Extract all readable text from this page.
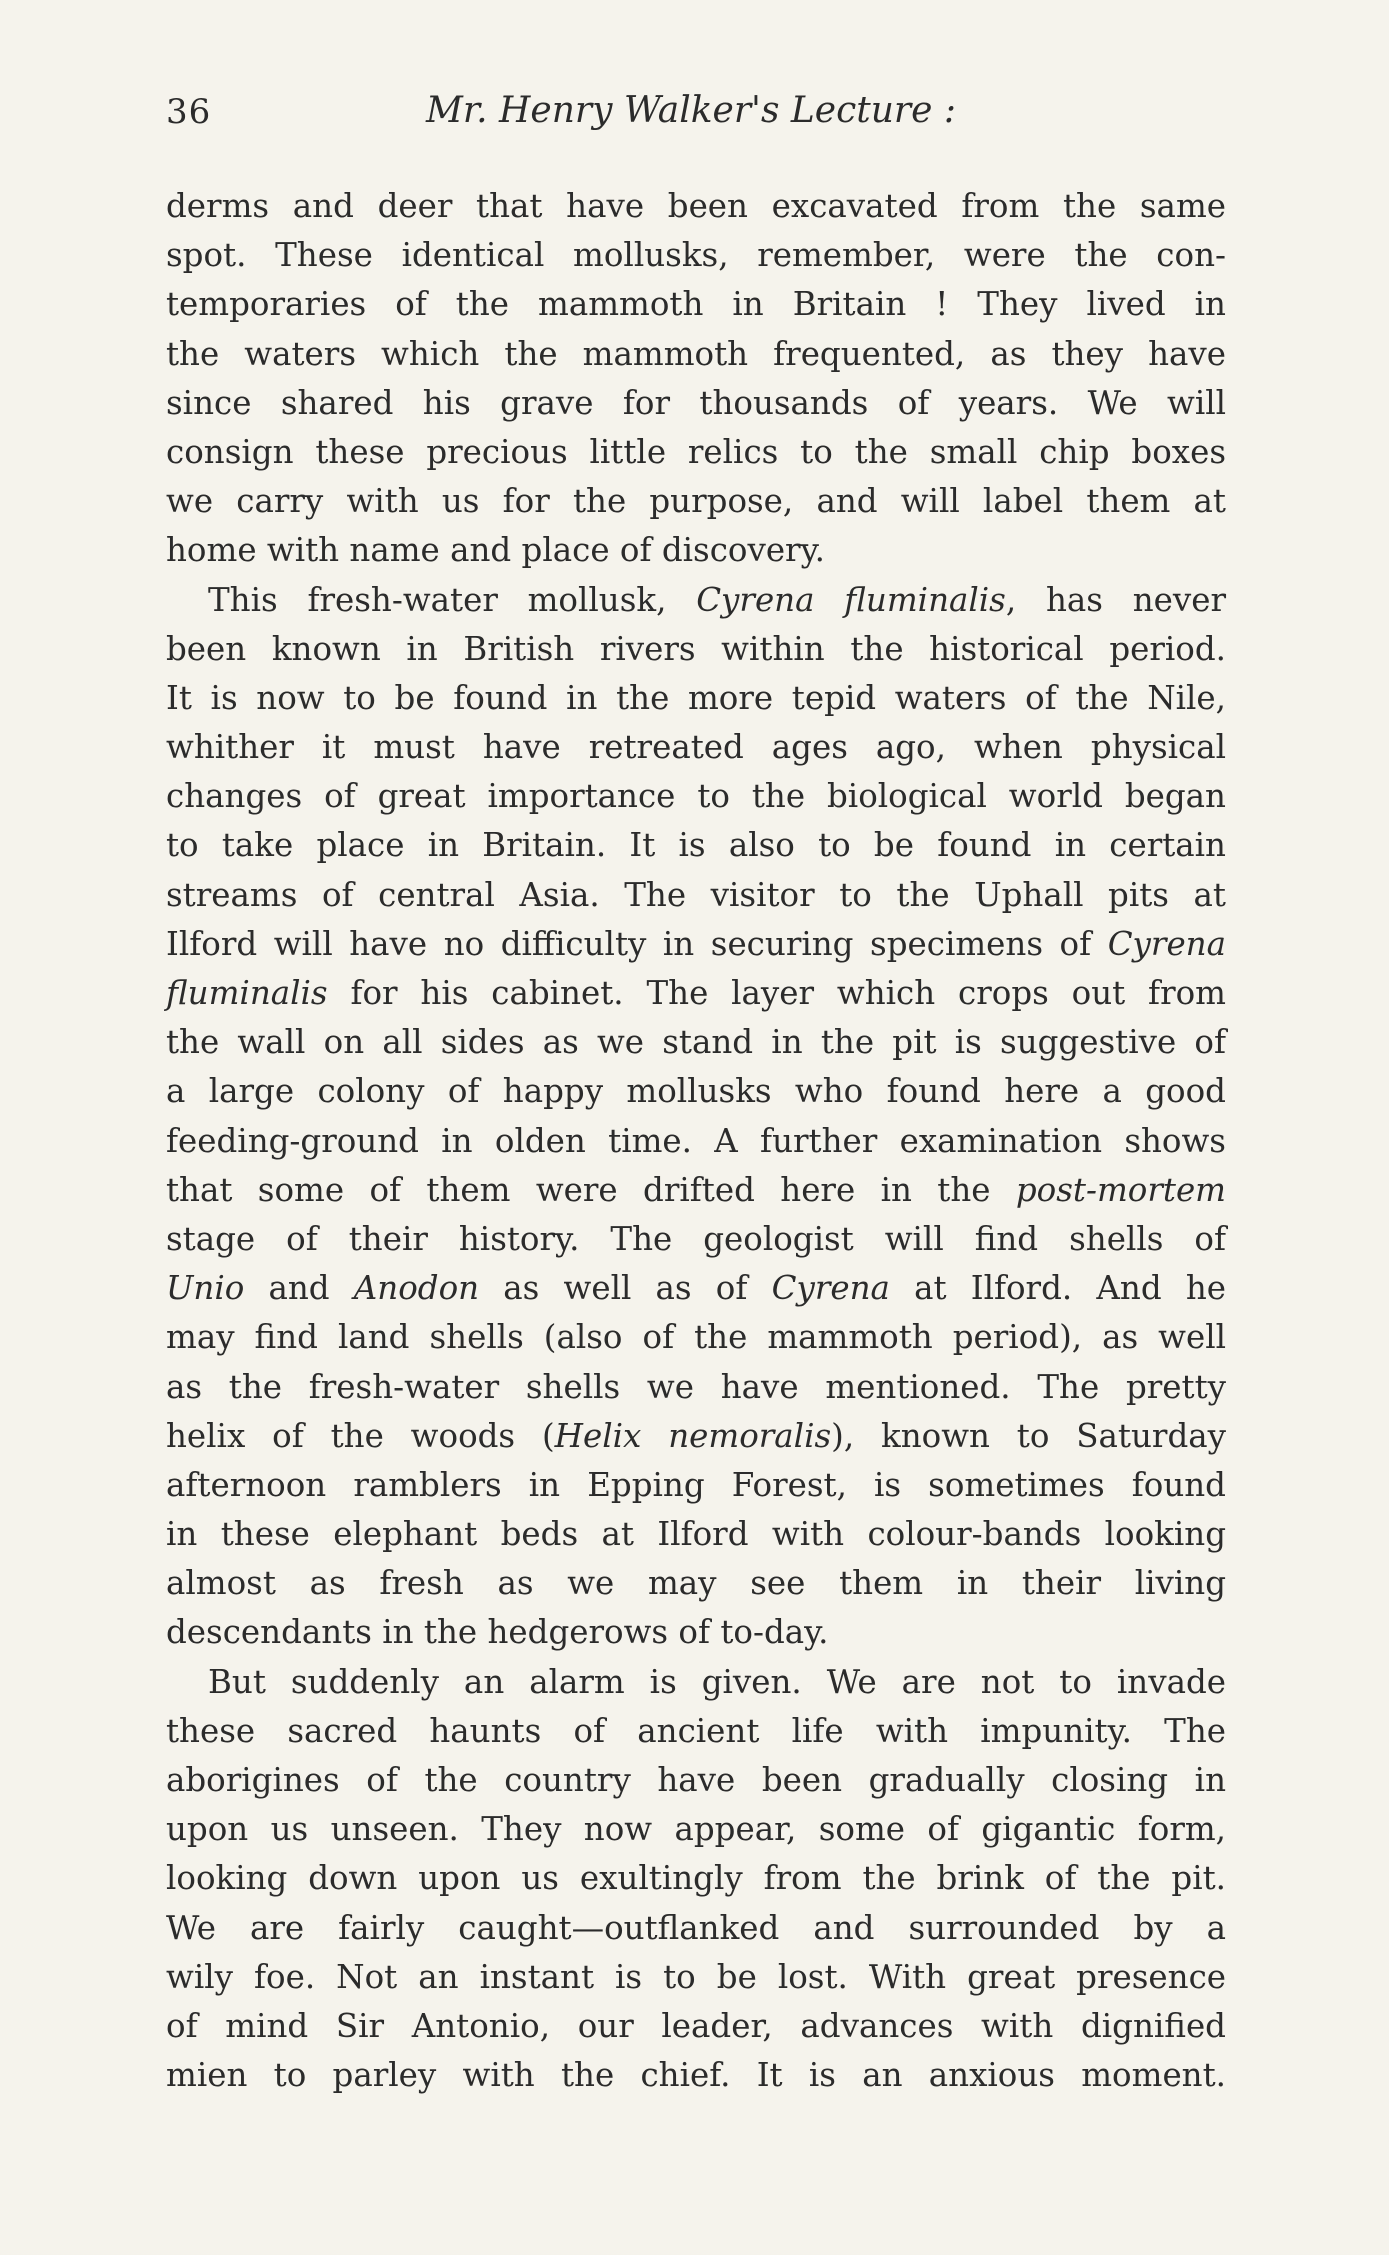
36	Mr. Henry Walker's Lecture :
derms and deer that have been excavated from the same
spot. These identical mollusks, remember, were the con-
temporaries of the mammoth in Britain ! They lived in
the waters which the mammoth frequented, as they have
since shared his grave for thousands of years. We will
consign these precious little relics to the small chip boxes
we carry with us for the purpose, and will label them at
home with name and place of discovery.
This fresh-water mollusk, Cyrena fluminalis, has never
been known in British rivers within the historical period.
It is now to be found in the more tepid waters of the Nile,
whither it must have retreated ages ago, when physical
changes of great importance to the biological world began
to take place in Britain. It is also to be found in certain
streams of central Asia. The visitor to the Uphall pits at
Ilford will have no difficulty in securing specimens of Cyrena
fluminalis for his cabinet. The layer which crops out from
the wall on all sides as we stand in the pit is suggestive of
a large colony of happy mollusks who found here a good
feeding-ground in olden time. A further examination shows
that some of them were drifted here in the post-mortem
stage of their history. The geologist will find shells of
Unio and Anodon as well as of Cyrena at Ilford. And he
may find land shells (also of the mammoth period), as well
as the fresh-water shells we have mentioned. The pretty
helix of the woods (Helix nemoralis), known to Saturday
afternoon ramblers in Epping Forest, is sometimes found
in these elephant beds at Ilford with colour-bands looking
almost as fresh as we may see them in their living
descendants in the hedgerows of to-day.
But suddenly an alarm is given. We are not to invade
these sacred haunts of ancient life with impunity. The
aborigines of the country have been gradually closing in
upon us unseen. They now appear, some of gigantic form,
looking down upon us exultingly from the brink of the pit.
We are fairly caught—outflanked and surrounded by a
wily foe. Not an instant is to be lost. With great presence
of mind Sir Antonio, our leader, advances with dignified
mien to parley with the chief. It is an anxious moment.
